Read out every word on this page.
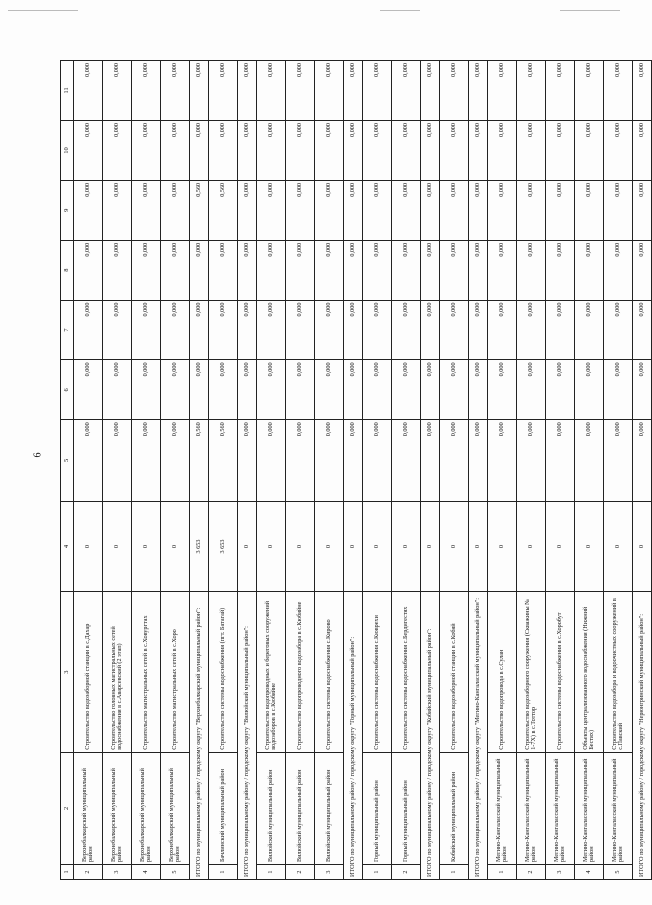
6
1	2	3	4	5	6	7	8	9	10	11
2	Верхнебалкарский муниципальный район	Строительство водозаборной станции в с.Дахар	0	0,000	0,000	0,000	0,000	0,000	0,000	0,000
3	Верхнебалкарский муниципальный район	Строительство головных магистральных сетей водоснабжения в с.Аварсевский (2 этап)	0	0,000	0,000	0,000	0,000	0,000	0,000	0,000
4	Верхнебалкарский муниципальный район	Строительство магистральных сетей в с.Ховургтах	0	0,000	0,000	0,000	0,000	0,000	0,000	0,000
5	Верхнебалкарский муниципальный район	Строительство магистральных сетей в с.Хоро	0	0,000	0,000	0,000	0,000	0,000	0,000	0,000
ИТОГО по муниципальному району / городскому округу "Верхнебалкарский муниципальный район":			3 653	0,560	0,000	0,000	0,000	0,560	0,000	0,000
1	Бачлинский муниципальный район	Строительство системы водоснабжения (пгт. Батагай)	3 653	0,560	0,000	0,000	0,000	0,560	0,000	0,000
ИТОГО по муниципальному району / городскому округу "Вилюйский муниципальный район":			0	0,000	0,000	0,000	0,000	0,000	0,000	0,000
1	Вилюйский муниципальный район	Строительство водопроводных и береговых сооружений водозаборов в с.Кюбяйне	0	0,000	0,000	0,000	0,000	0,000	0,000	0,000
2	Вилюйский муниципальный район	Строительство водопроводного водозабора в с.Кюбяйне	0	0,000	0,000	0,000	0,000	0,000	0,000	0,000
3	Вилюйский муниципальный район	Строительство системы водоснабжения с.Кирово	0	0,000	0,000	0,000	0,000	0,000	0,000	0,000
ИТОГО по муниципальному району / городскому округу "Горный муниципальный район":			0	0,000	0,000	0,000	0,000	0,000	0,000	0,000
1	Горный муниципальный район	Строительство системы водоснабжения с.Кюврехи	0	0,000	0,000	0,000	0,000	0,000	0,000	0,000
2	Горный муниципальный район	Строительство системы водоснабжения с.Бердигестях	0	0,000	0,000	0,000	0,000	0,000	0,000	0,000
ИТОГО по муниципальному району / городскому округу "Кобяйский муниципальный район":			0	0,000	0,000	0,000	0,000	0,000	0,000	0,000
1	Кобяйский муниципальный район	Строительство водозаборной станции в с.Кобяй	0	0,000	0,000	0,000	0,000	0,000	0,000	0,000
ИТОГО по муниципальному району / городскому округу "Мегино-Кангаласский муниципальный район":			0	0,000	0,000	0,000	0,000	0,000	0,000	0,000
1	Мегино-Кангаласский муниципальный район	Строительство водопровода в с.Сулан	0	0,000	0,000	0,000	0,000	0,000	0,000	0,000
2	Мегино-Кангаласский муниципальный район	Строительство водозаборного сооружения (Скважины № 1-7Х) в с.Тоттор	0	0,000	0,000	0,000	0,000	0,000	0,000	0,000
3	Мегино-Кангаласский муниципальный район	Строительство системы водоснабжения в с.Хоробут	0	0,000	0,000	0,000	0,000	0,000	0,000	0,000
4	Мегино-Кангаласский муниципальный район	Объекты централизованного водоснабжения (Нижний Бестях)	0	0,000	0,000	0,000	0,000	0,000	0,000	0,000
5	Мегино-Кангаласский муниципальный район	Строительство водозабора и водоочистных сооружений в с.Павский	0	0,000	0,000	0,000	0,000	0,000	0,000	0,000
ИТОГО по муниципальному району / городскому округу "Нерюнгринский муниципальный район":			0	0,000	0,000	0,000	0,000	0,000	0,000	0,000
